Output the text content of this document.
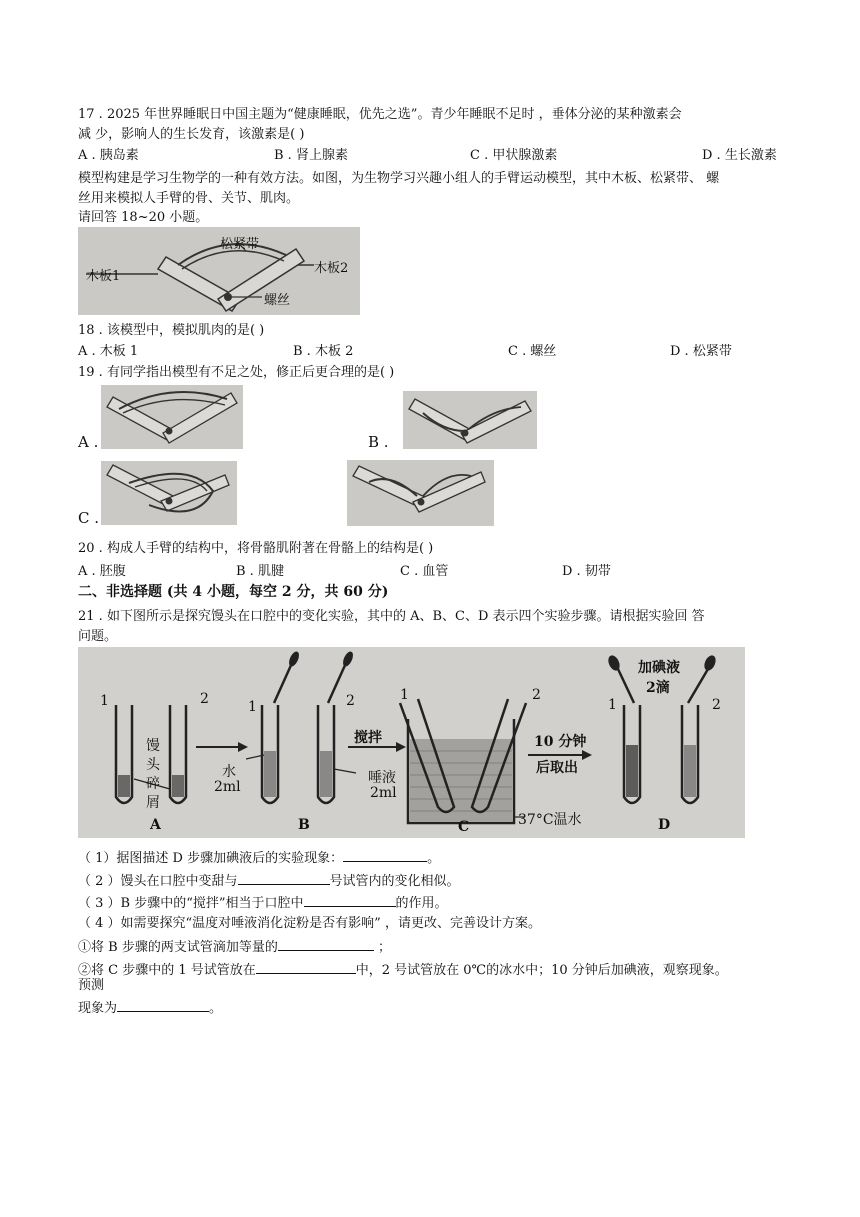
17 . 2025 年世界睡眠日中国主题为“健康睡眠，优先之选”。青少年睡眠不足时 ，垂体分泌的某种激素会
减 少，影响人的生长发育，该激素是( )
A . 胰岛素	B . 肾上腺素	C . 甲状腺激素	D . 生长激素
模型构建是学习生物学的一种有效方法。如图，为生物学习兴趣小组人的手臂运动模型，其中木板、松紧带、 螺
丝用来模拟人手臂的骨、关节、肌肉。
请回答 18~20 小题。
松紧带
木板1
木板2
螺丝
18 . 该模型中，模拟肌肉的是( )
A . 木板 1	B . 木板 2	C . 螺丝	D . 松紧带
19 . 有同学指出模型有不足之处，修正后更合理的是( )
A .	B .
C .
20 . 构成人手臂的结构中，将骨骼肌附著在骨骼上的结构是( )
A . 胚腹	B . 肌腱	C . 血管	D . 韧带
二、非选择题 (共 4 小题，每空 2 分，共 60 分)
21 . 如下图所示是探究馒头在口腔中的变化实验，其中的 A、B、C、D 表示四个实验步骤。请根据实验回 答
问题。
1	2
馒头碎屑
1	2
水
2ml
唾液
2ml
搅拌
1	2
10 分钟
后取出
37°C温水
加碘液
2滴
1	2
A	B	C	D
（ 1）据图描述 D 步骤加碘液后的实验现象：	。
（ 2 ）馒头在口腔中变甜与	号试管内的变化相似。
（ 3 ）B 步骤中的“搅拌”相当于口腔中	的作用。
（ 4 ）如需要探究“温度对唾液消化淀粉是否有影响” ，请更改、完善设计方案。
①将 B 步骤的两支试管滴加等量的	；
②将 C 步骤中的 1 号试管放在	中，2 号试管放在 0℃的冰水中；10 分钟后加碘液，观察现象。
预测
现象为	。
